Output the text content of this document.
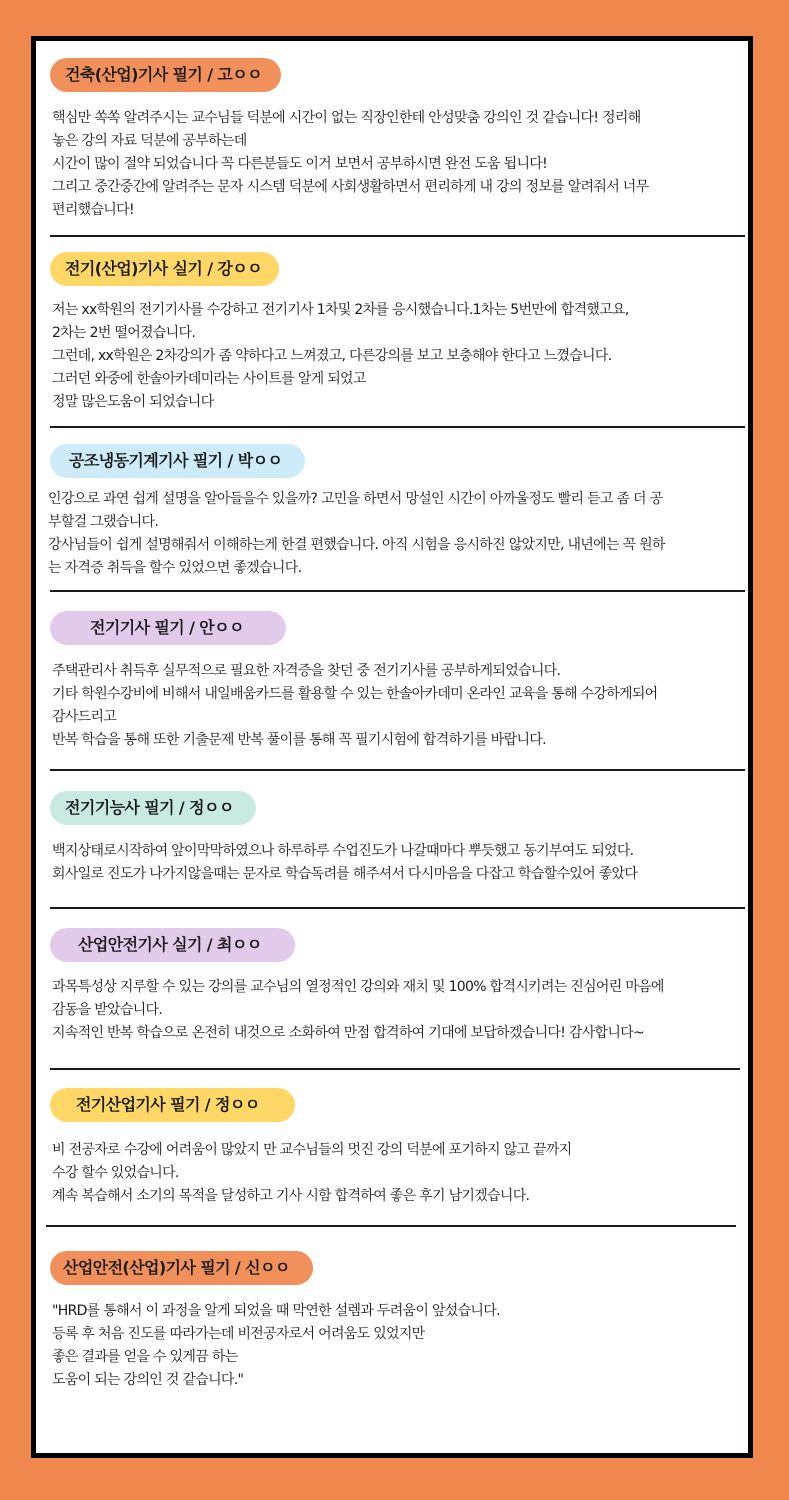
건축(산업)기사 필기 / 고ㅇㅇ

핵심만 쏙쏙 알려주시는 교수님들 덕분에 시간이 없는 직장인한테 안성맞춤 강의인 것 같습니다! 정리해

놓은 강의 자료 덕분에 공부하는데

시간이 많이 절약 되었습니다 꼭 다른분들도 이거 보면서 공부하시면 완전 도움 됩니다!

그리고 중간중간에 알려주는 문자 시스템 덕분에 사회생활하면서 편리하게 내 강의 정보를 알려줘서 너무

편리했습니다!

전기(산업)기사 실기 / 강ㅇㅇ

저는 xx학원의 전기기사를 수강하고 전기기사 1차및 2차를 응시했습니다.1차는 5번만에 합격했고요,

2차는 2번 떨어졌습니다.

그런데, xx학원은 2차강의가 좀 약하다고 느껴졌고, 다른강의를 보고 보충해야 한다고 느꼈습니다.

그러던 와중에 한솔아카데미라는 사이트를 알게 되었고

정말 많은도움이 되었습니다

공조냉동기계기사 필기 / 박ㅇㅇ

인강으로 과연 쉽게 설명을 알아들을수 있을까? 고민을 하면서 망설인 시간이 아까울정도 빨리 듣고 좀 더 공

부할걸 그랬습니다.

강사님들이 쉽게 설명해줘서 이해하는게 한결 편했습니다. 아직 시험을 응시하진 않았지만, 내년에는 꼭 원하

는 자격증 취득을 할수 있었으면 좋겠습니다.

전기기사 필기 / 안ㅇㅇ

주택관리사 취득후 실무적으로 필요한 자격증을 찾던 중 전기기사를 공부하게되었습니다.

기타 학원수강비에 비해서 내일배움카드를 활용할 수 있는 한솔아카데미 온라인 교육을 통해 수강하게되어

감사드리고

반복 학습을 통해 또한 기출문제 반복 풀이를 통해 꼭 필기시험에 합격하기를 바랍니다.

전기기능사 필기 / 정ㅇㅇ

백지상태로시작하여 앞이막막하였으나 하루하루 수업진도가 나갈때마다 뿌듯했고 동기부여도 되었다.

회사일로 진도가 나가지않을때는 문자로 학습독려를 해주셔서 다시마음을 다잡고 학습할수있어 좋았다

산업안전기사 실기 / 최ㅇㅇ

과목특성상 지루할 수 있는 강의를 교수님의 열정적인 강의와 재치 및 100% 합격시키려는 진심어린 마음에

감동을 받았습니다.

지속적인 반복 학습으로 온전히 내것으로 소화하여 만점 합격하여 기대에 보답하겠습니다! 감사합니다~

전기산업기사 필기 / 정ㅇㅇ

비 전공자로 수강에 어려움이 많았지 만 교수님들의 멋진 강의 덕분에 포기하지 않고 끝까지

수강 할수 있었습니다.

계속 복습해서 소기의 목적을 달성하고 기사 시함 합격하여 좋은 후기 남기겠습니다.

산업안전(산업)기사 필기 / 신ㅇㅇ

"HRD를 통해서 이 과정을 알게 되었을 때 막연한 설렘과 두려움이 앞섰습니다.

등록 후 처음 진도를 따라가는데 비전공자로서 어려움도 있었지만

좋은 결과를 얻을 수 있게끔 하는

도움이 되는 강의인 것 같습니다."
